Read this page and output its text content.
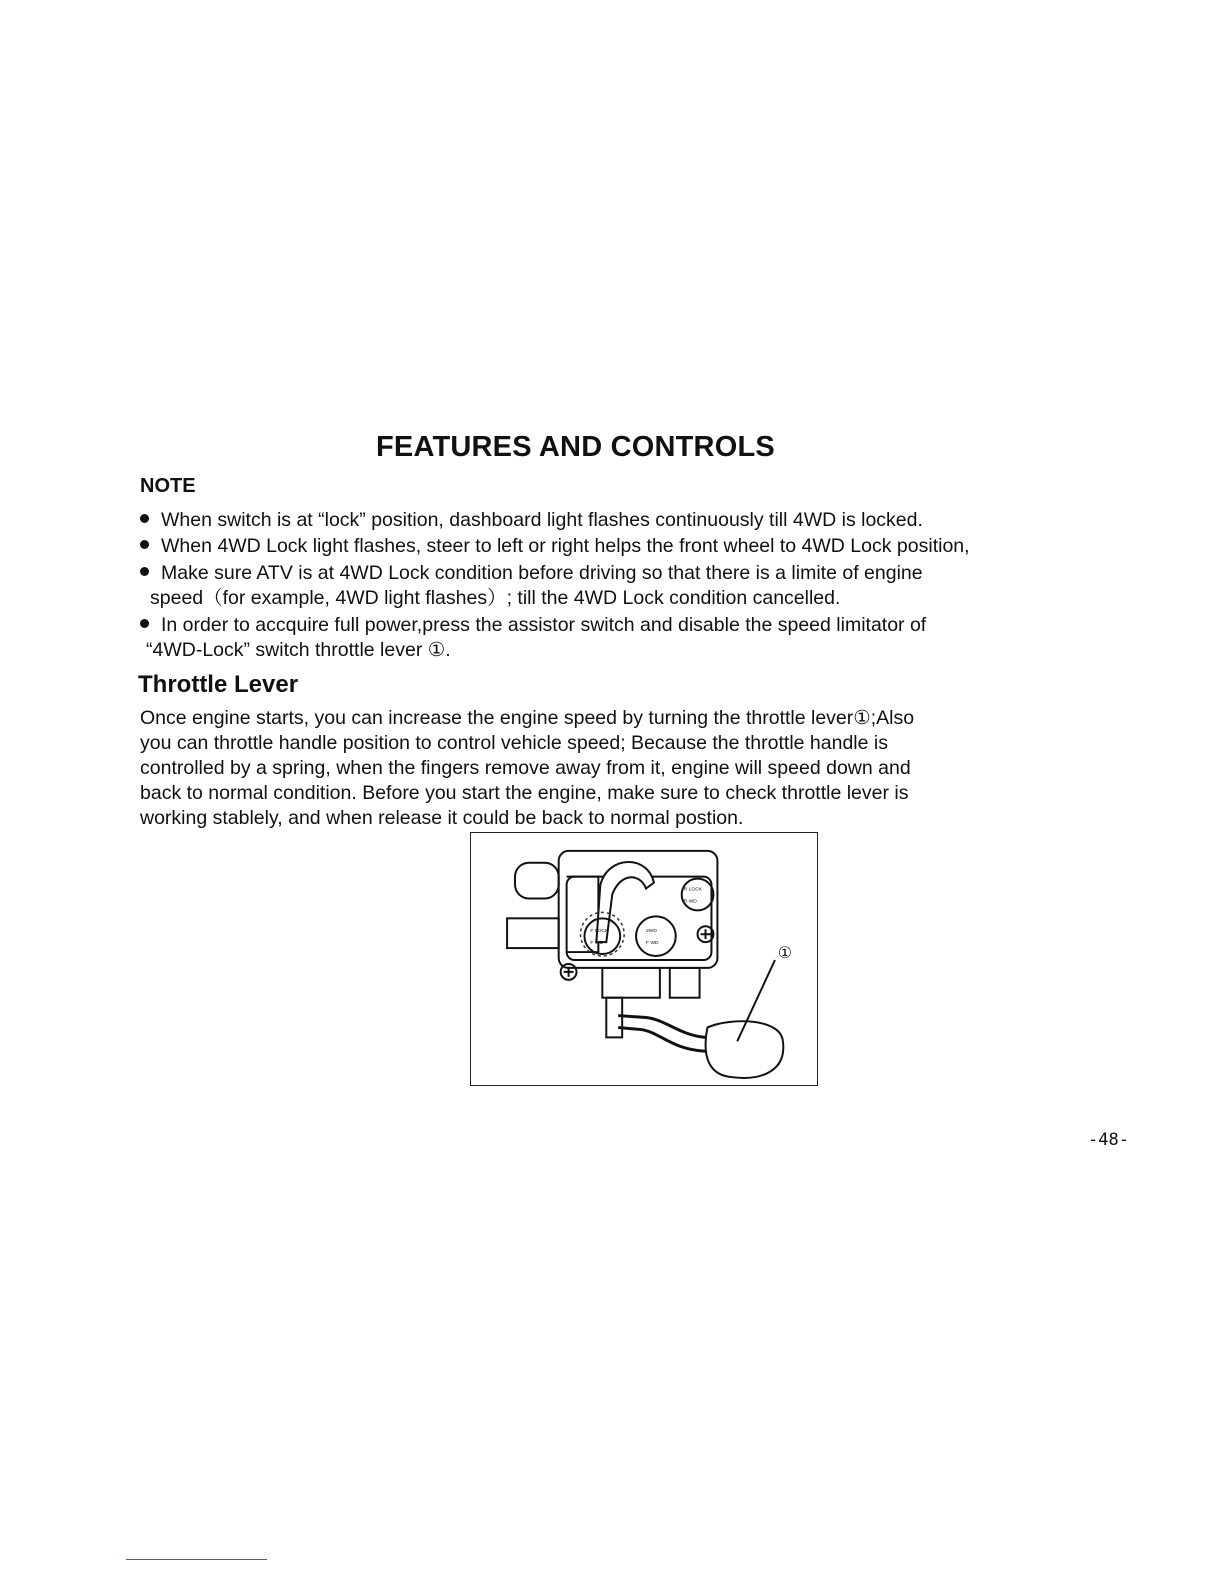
FEATURES AND CONTROLS
NOTE
When switch is at “lock” position, dashboard light flashes continuously till 4WD is locked.
When 4WD Lock light flashes, steer to left or right helps the front wheel to 4WD Lock position,
Make sure ATV is at 4WD Lock condition before driving so that there is a limite of engine
speed（for example, 4WD light flashes）; till the 4WD Lock condition cancelled.
In order to accquire full power,press the assistor switch and disable the speed limitator of
“4WD-Lock” switch throttle lever ①.
Throttle Lever
Once engine starts, you can increase the engine speed by turning the throttle lever①;Also
you can throttle handle position to control vehicle speed; Because the throttle handle is
controlled by a spring, when the fingers remove away from it, engine will speed down and
back to normal condition. Before you start the engine, make sure to check throttle lever is
working stablely, and when release it could be back to normal postion.
R LOCK
R WD
F LOCK
F WD
2WD
F WD	①
-48-
